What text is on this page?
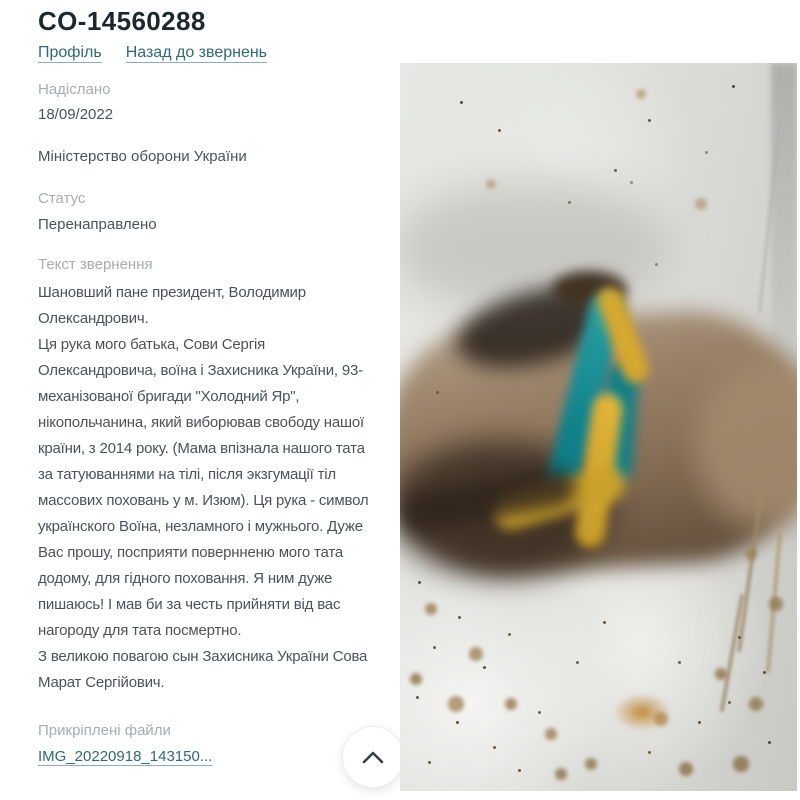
CO-14560288
Профіль Назад до звернень
Надіслано
18/09/2022
Міністерство оборони України
Статус
Перенаправлено
Текст звернення
Шановший пане президент, Володимир
Олександрович.
Ця рука мого батька, Сови Сергія
Олександровича, воїна і Захисника України, 93-
механізованої бригади "Холодний Яр",
нікопольчанина, який виборював свободу нашої
країни, з 2014 року. (Мама впізнала нашого тата
за татуюваннями на тілі, після экзгумації тіл
массових поховань у м. Изюм). Ця рука - символ
украïнского Воïна, незламного і мужнього. Дуже
Вас прошу, посприяти повернненю мого тата
додому, для гідного поховання. Я ним дуже
пишаюсь! І мав би за честь прийняти від вас
нагороду для тата посмертно.
З великою повагою сын Захисника України Сова
Марат Сергійович.
Прикріплені файли
IMG_20220918_143150...
